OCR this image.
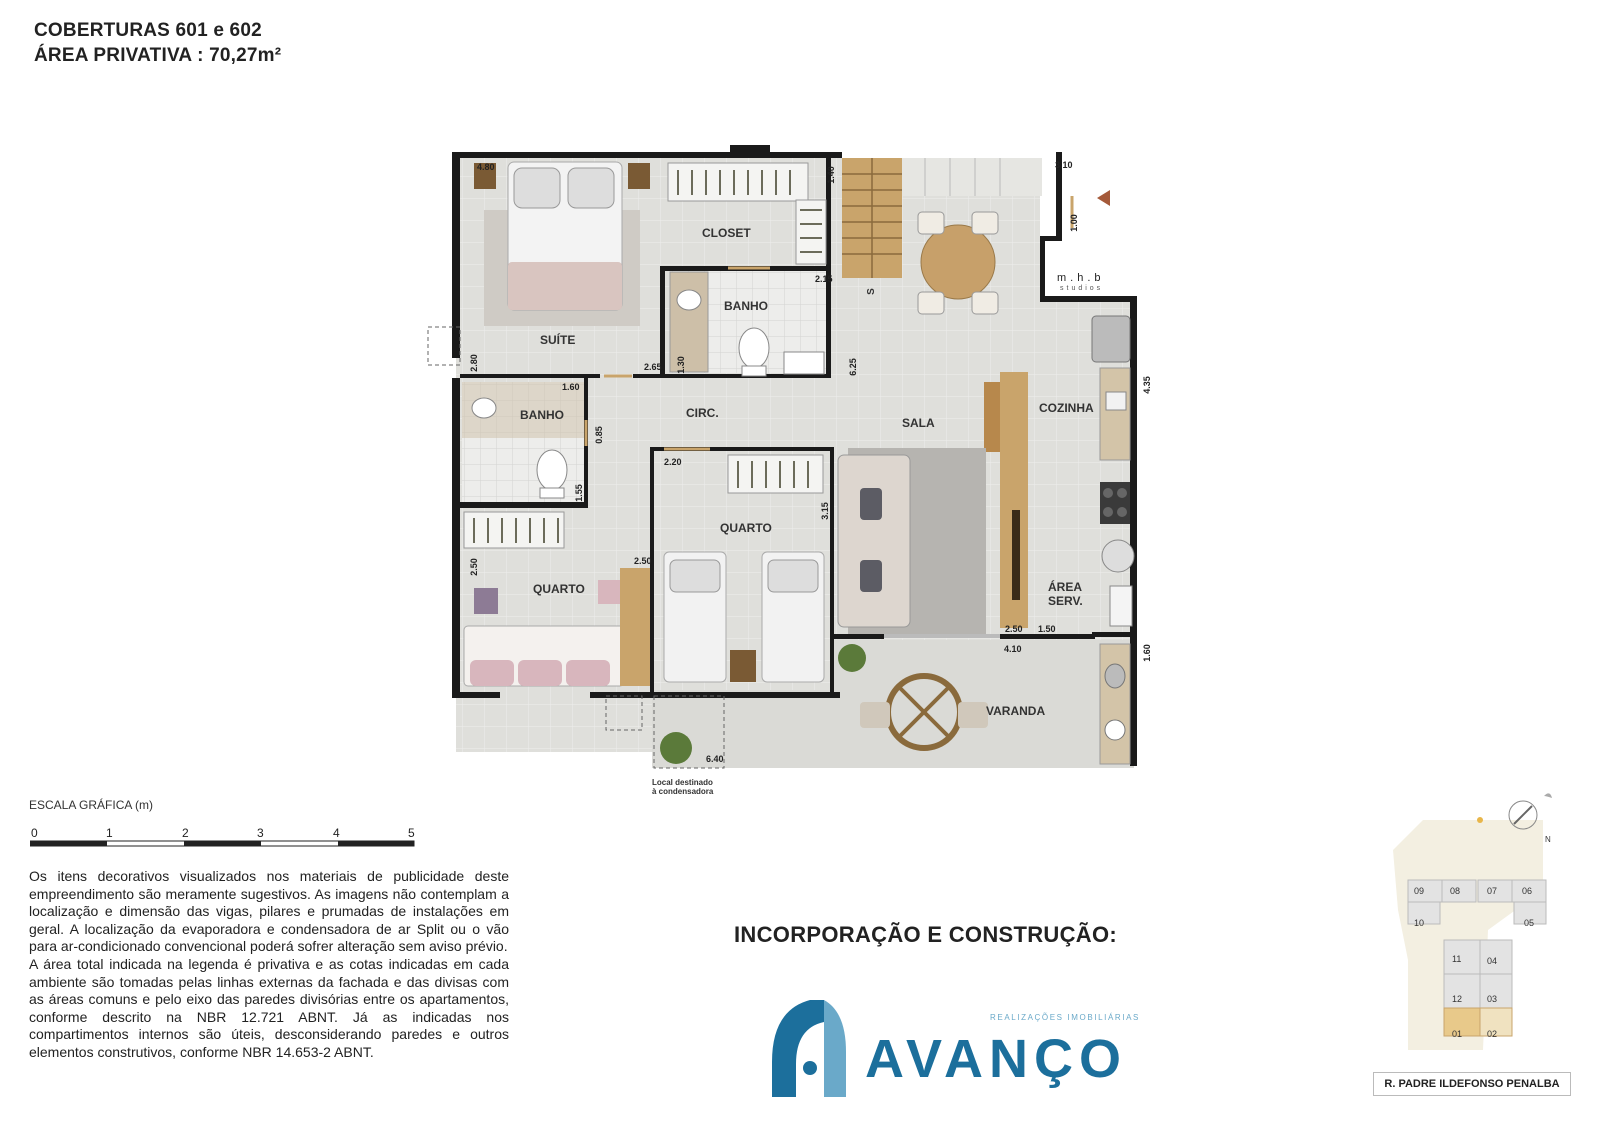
COBERTURAS 601 e 602
ÁREA PRIVATIVA : 70,27m²
SUÍTE
CLOSET
BANHO
BANHO	CIRC.
SALA
COZINHA
QUARTO
QUARTO	ÁREA
SERV.
VARANDA
S
4.80	1.40
3.10
1.00
2.15
2.80	2.65	6.25
1.30
1.60
0.85
2.20
1.55
4.35
3.15
2.50	2.50
2.50 1.50
4.10	1.60
6.40
Local destinado
à condensadora
m.h.b
studios
ESCALA GRÁFICA (m)
0	1	2	3	4	5

Os itens decorativos visualizados nos materiais de publicidade deste empreendimento são meramente sugestivos. As imagens não contemplam a localização e dimensão das vigas, pilares e prumadas de instalações em geral. A localização da evaporadora e condensadora de ar Split ou o vão para ar-condicionado convencional poderá sofrer alteração sem aviso prévio.

A área total indicada na legenda é privativa e as cotas indicadas em cada ambiente são tomadas pelas linhas externas da fachada e das divisas com as áreas comuns e pelo eixo das paredes divisórias entre os apartamentos, conforme descrito na NBR 12.721 ABNT. Já as indicadas nos compartimentos internos são úteis, desconsiderando paredes e outros elementos construtivos, conforme NBR 14.653-2 ABNT.

INCORPORAÇÃO E CONSTRUÇÃO:
REALIZAÇÕES IMOBILIÁRIAS
AVANÇO
09	08	07	06
10	05
11	04
12	03
01	02
N
R. PADRE ILDEFONSO PENALBA
